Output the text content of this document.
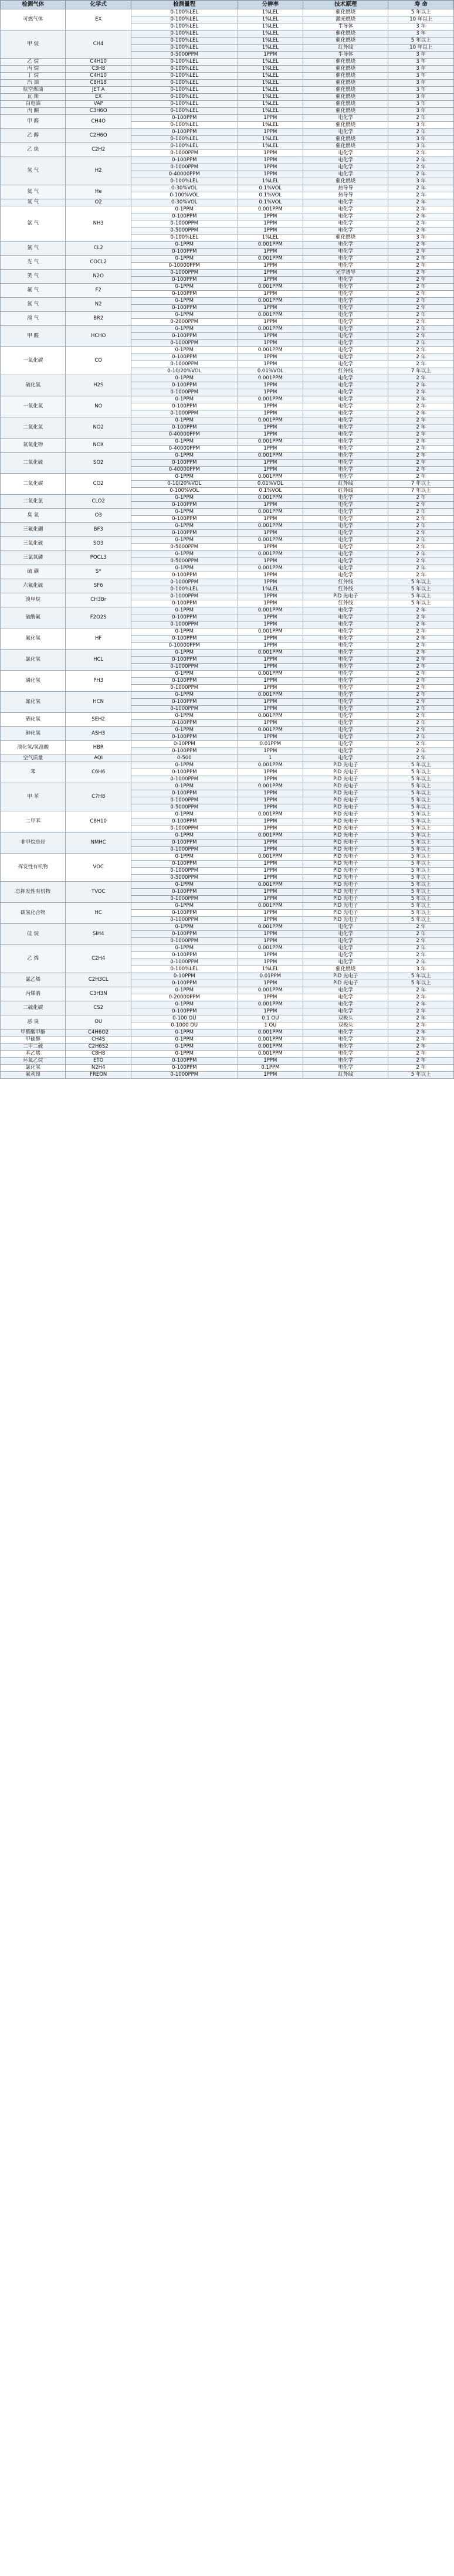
检测气体	化学式	检测量程	分辨率	技术原理	寿 命
可燃气体	EX	0-100%LEL	1%LEL	催化燃烧	5 年以上
		0-100%LEL	1%LEL	激光燃烧	10 年以上
		0-100%LEL	1%LEL	半导体	3 年
甲 烷	CH4	0-100%LEL	1%LEL	催化燃烧	3 年
		0-100%LEL	1%LEL	催化燃烧	5 年以上
		0-100%LEL	1%LEL	红外线	10 年以上
		0-5000PPM	1PPM	半导体	3 年
乙 烷	C4H10	0-100%LEL	1%LEL	催化燃烧	3 年
丙 烷	C3H8	0-100%LEL	1%LEL	催化燃烧	3 年
丁 烷	C4H10	0-100%LEL	1%LEL	催化燃烧	3 年
汽 油	C8H18	0-100%LEL	1%LEL	催化燃烧	3 年
航空煤油	JET A	0-100%LEL	1%LEL	催化燃烧	3 年
瓦 斯	EX	0-100%LEL	1%LEL	催化燃烧	3 年
白电油	VAP	0-100%LEL	1%LEL	催化燃烧	3 年
丙 酮	C3H6O	0-100%LEL	1%LEL	催化燃烧	3 年
甲 醛	CH4O	0-100PPM	1PPM	电化学	2 年
		0-100%LEL	1%LEL	催化燃烧	3 年
乙 醇	C2H6O	0-100PPM	1PPM	电化学	2 年
		0-100%LEL	1%LEL	催化燃烧	3 年
乙 炔	C2H2	0-100%LEL	1%LEL	催化燃烧	3 年
		0-1000PPM	1PPM	电化学	2 年
氢 气	H2	0-100PPM	1PPM	电化学	2 年
		0-1000PPM	1PPM	电化学	2 年
		0-40000PPM	1PPM	电化学	2 年
		0-100%LEL	1%LEL	催化燃烧	3 年
氦 气	He	0-30%VOL	0.1%VOL	热导导	2 年
		0-100%VOL	0.1%VOL	热导导	2 年
氧 气	O2	0-30%VOL	0.1%VOL	电化学	2 年
氨 气	NH3	0-1PPM	0.001PPM	电化学	2 年
		0-100PPM	1PPM	电化学	2 年
		0-1000PPM	1PPM	电化学	2 年
		0-5000PPM	1PPM	电化学	2 年
		0-100%LEL	1%LEL	催化燃烧	3 年
氯 气	CL2	0-1PPM	0.001PPM	电化学	2 年
		0-100PPM	1PPM	电化学	2 年
光 气	COCL2	0-1PPM	0.001PPM	电化学	2 年
		0-10000PPM	1PPM	电化学	2 年
笑 气	N2O	0-1000PPM	1PPM	光学透导	2 年
		0-100PPM	1PPM	电化学	2 年
氟 气	F2	0-1PPM	0.001PPM	电化学	2 年
		0-100PPM	1PPM	电化学	2 年
氮 气	N2	0-1PPM	0.001PPM	电化学	2 年
		0-100PPM	1PPM	电化学	2 年
溴 气	BR2	0-1PPM	0.001PPM	电化学	2 年
		0-2000PPM	1PPM	电化学	2 年
甲 醛	HCHO	0-1PPM	0.001PPM	电化学	2 年
		0-100PPM	1PPM	电化学	2 年
		0-1000PPM	1PPM	电化学	2 年
一氧化碳	CO	0-1PPM	0.001PPM	电化学	2 年
		0-100PPM	1PPM	电化学	2 年
		0-1000PPM	1PPM	电化学	2 年
		0-10/20%VOL	0.01%VOL	红外线	7 年以上
硫化氢	H2S	0-1PPM	0.001PPM	电化学	2 年
		0-100PPM	1PPM	电化学	2 年
		0-1000PPM	1PPM	电化学	2 年
一氧化氮	NO	0-1PPM	0.001PPM	电化学	2 年
		0-100PPM	1PPM	电化学	2 年
		0-1000PPM	1PPM	电化学	2 年
二氧化氮	NO2	0-1PPM	0.001PPM	电化学	2 年
		0-100PPM	1PPM	电化学	2 年
		0-40000PPM	1PPM	电化学	2 年
氮氧化物	NOX	0-1PPM	0.001PPM	电化学	2 年
		0-40000PPM	1PPM	电化学	2 年
二氧化硫	SO2	0-1PPM	0.001PPM	电化学	2 年
		0-100PPM	1PPM	电化学	2 年
		0-40000PPM	1PPM	电化学	2 年
二氧化碳	CO2	0-1PPM	0.001PPM	电化学	2 年
		0-10/20%VOL	0.01%VOL	红外线	7 年以上
		0-100%VOL	0.1%VOL	红外线	7 年以上
二氧化氯	CLO2	0-1PPM	0.001PPM	电化学	2 年
		0-100PPM	1PPM	电化学	2 年
臭 氧	O3	0-1PPM	0.001PPM	电化学	2 年
		0-100PPM	1PPM	电化学	2 年
三氟化硼	BF3	0-1PPM	0.001PPM	电化学	2 年
		0-100PPM	1PPM	电化学	2 年
三氧化硫	SO3	0-1PPM	0.001PPM	电化学	2 年
		0-5000PPM	1PPM	电化学	2 年
三氯氧磷	POCL3	0-1PPM	0.001PPM	电化学	2 年
		0-5000PPM	1PPM	电化学	2 年
硫 磺	S*	0-1PPM	0.001PPM	电化学	2 年
		0-100PPM	1PPM	电化学	2 年
六氟化硫	SF6	0-1000PPM	1PPM	红外线	5 年以上
		0-100%LEL	1%LEL	红外线	5 年以上
溴甲烷	CH3Br	0-1000PPM	1PPM	PID 光电子	5 年以上
		0-100PPM	1PPM	红外线	5 年以上
硫酰氟	F2O2S	0-1PPM	0.001PPM	电化学	2 年
		0-100PPM	1PPM	电化学	2 年
		0-1000PPM	1PPM	电化学	2 年
氟化氢	HF	0-1PPM	0.001PPM	电化学	2 年
		0-100PPM	1PPM	电化学	2 年
		0-10000PPM	1PPM	电化学	2 年
氯化氢	HCL	0-1PPM	0.001PPM	电化学	2 年
		0-100PPM	1PPM	电化学	2 年
		0-1000PPM	1PPM	电化学	2 年
磷化氢	PH3	0-1PPM	0.001PPM	电化学	2 年
		0-100PPM	1PPM	电化学	2 年
		0-1000PPM	1PPM	电化学	2 年
氰化氢	HCN	0-1PPM	0.001PPM	电化学	2 年
		0-100PPM	1PPM	电化学	2 年
		0-1000PPM	1PPM	电化学	2 年
硒化氢	SEH2	0-1PPM	0.001PPM	电化学	2 年
		0-100PPM	1PPM	电化学	2 年
砷化氢	ASH3	0-1PPM	0.001PPM	电化学	2 年
		0-100PPM	1PPM	电化学	2 年
溴化氢/氢溴酸	HBR	0-10PPM	0.01PPM	电化学	2 年
		0-100PPM	1PPM	电化学	2 年
空气质量	AQI	0-500	1	电化学	2 年
苯	C6H6	0-1PPM	0.001PPM	PID 光电子	5 年以上
		0-100PPM	1PPM	PID 光电子	5 年以上
		0-1000PPM	1PPM	PID 光电子	5 年以上
甲 苯	C7H8	0-1PPM	0.001PPM	PID 光电子	5 年以上
		0-100PPM	1PPM	PID 光电子	5 年以上
		0-1000PPM	1PPM	PID 光电子	5 年以上
		0-5000PPM	1PPM	PID 光电子	5 年以上
二甲苯	C8H10	0-1PPM	0.001PPM	PID 光电子	5 年以上
		0-100PPM	1PPM	PID 光电子	5 年以上
		0-1000PPM	1PPM	PID 光电子	5 年以上
非甲烷总烃	NMHC	0-1PPM	0.001PPM	PID 光电子	5 年以上
		0-100PPM	1PPM	PID 光电子	5 年以上
		0-1000PPM	1PPM	PID 光电子	5 年以上
挥发性有机物	VOC	0-1PPM	0.001PPM	PID 光电子	5 年以上
		0-100PPM	1PPM	PID 光电子	5 年以上
		0-1000PPM	1PPM	PID 光电子	5 年以上
		0-5000PPM	1PPM	PID 光电子	5 年以上
总挥发性有机物	TVOC	0-1PPM	0.001PPM	PID 光电子	5 年以上
		0-100PPM	1PPM	PID 光电子	5 年以上
		0-1000PPM	1PPM	PID 光电子	5 年以上
碳氢化合物	HC	0-1PPM	0.001PPM	PID 光电子	5 年以上
		0-100PPM	1PPM	PID 光电子	5 年以上
		0-1000PPM	1PPM	PID 光电子	5 年以上
硅 烷	SIH4	0-1PPM	0.001PPM	电化学	2 年
		0-100PPM	1PPM	电化学	2 年
		0-1000PPM	1PPM	电化学	2 年
乙 烯	C2H4	0-1PPM	0.001PPM	电化学	2 年
		0-100PPM	1PPM	电化学	2 年
		0-1000PPM	1PPM	电化学	2 年
		0-100%LEL	1%LEL	催化燃烧	3 年
氯乙烯	C2H3CL	0-10PPM	0.01PPM	PID 光电子	5 年以上
		0-100PPM	1PPM	PID 光电子	5 年以上
丙烯腈	C3H3N	0-1PPM	0.001PPM	电化学	2 年
		0-20000PPM	1PPM	电化学	2 年
二硫化碳	CS2	0-1PPM	0.001PPM	电化学	2 年
		0-100PPM	1PPM	电化学	2 年
恶 臭	OU	0-100 OU	0.1 OU	双极头	2 年
		0-1000 OU	1 OU	双极头	2 年
甲醛酸甲酯	C4H6O2	0-1PPM	0.001PPM	电化学	2 年
甲硫醇	CH4S	0-1PPM	0.001PPM	电化学	2 年
二甲二硫	C2H6S2	0-1PPM	0.001PPM	电化学	2 年
苯乙烯	C8H8	0-1PPM	0.001PPM	电化学	2 年
环氧乙烷	ETO	0-100PPM	1PPM	电化学	2 年
氯化氢	N2H4	0-100PPM	0.1PPM	电化学	2 年
氟利昂	FREON	0-1000PPM	1PPM	红外线	5 年以上
